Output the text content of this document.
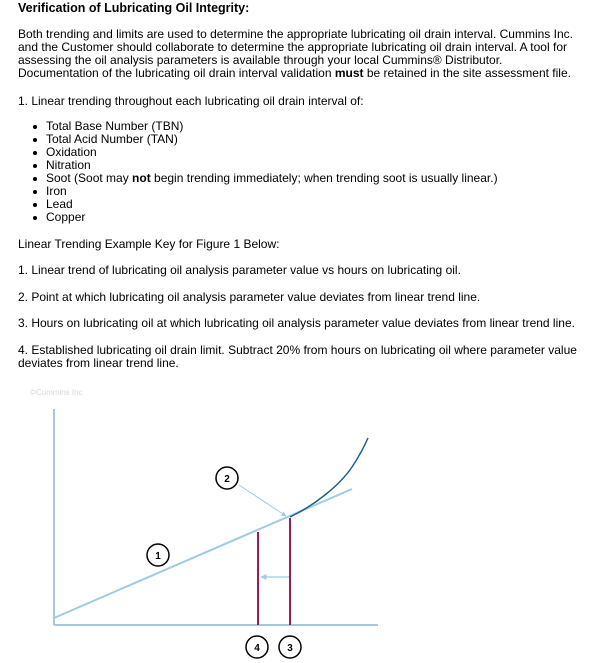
Verification of Lubricating Oil Integrity:
Both trending and limits are used to determine the appropriate lubricating oil drain interval. Cummins Inc. and the Customer should collaborate to determine the appropriate lubricating oil drain interval. A tool for assessing the oil analysis parameters is available through your local Cummins® Distributor. Documentation of the lubricating oil drain interval validation must be retained in the site assessment file.
1. Linear trending throughout each lubricating oil drain interval of:
Total Base Number (TBN)
Total Acid Number (TAN)
Oxidation
Nitration
Soot (Soot may not begin trending immediately; when trending soot is usually linear.)
Iron
Lead
Copper
Linear Trending Example Key for Figure 1 Below:
1. Linear trend of lubricating oil analysis parameter value vs hours on lubricating oil.
2. Point at which lubricating oil analysis parameter value deviates from linear trend line.
3. Hours on lubricating oil at which lubricating oil analysis parameter value deviates from linear trend line.
4. Established lubricating oil drain limit. Subtract 20% from hours on lubricating oil where parameter value deviates from linear trend line.
©Cummins Inc
1
2
4	3
